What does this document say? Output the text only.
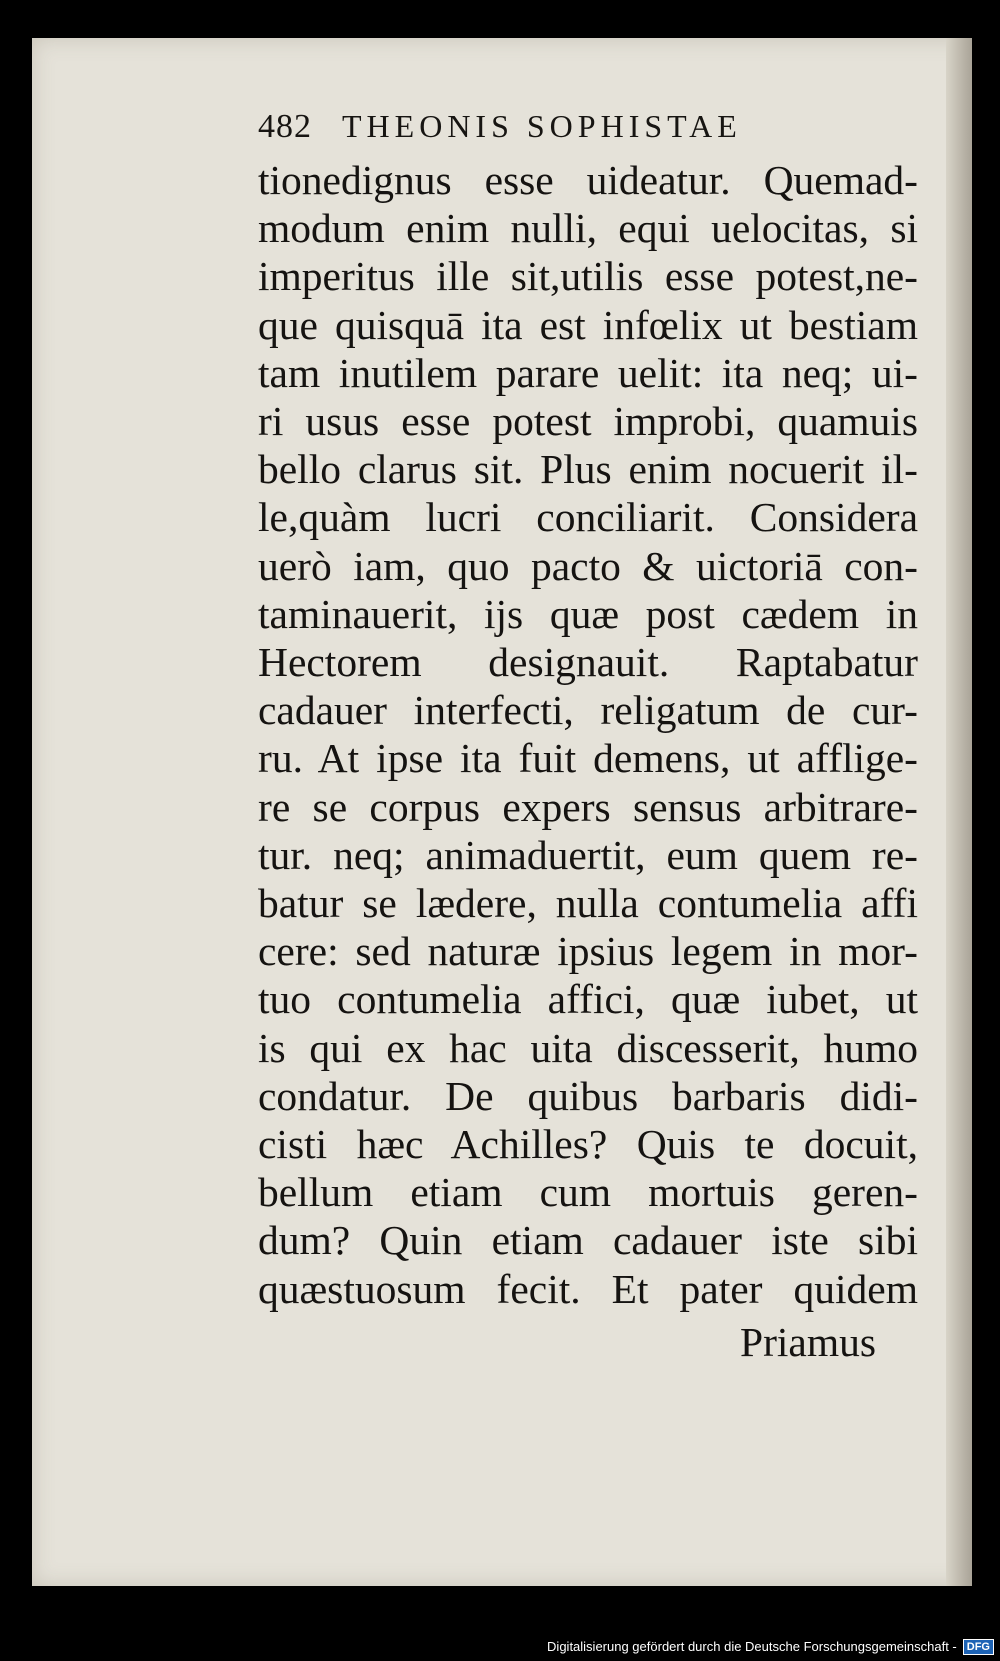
482 THEONIS SOPHISTAE
tionedignus esse uideatur. Quemad-
modum enim nulli, equi uelocitas, si
imperitus ille sit,utilis esse potest,ne-
que quisquā ita est infœlix ut bestiam
tam inutilem parare uelit: ita neq; ui-
ri usus esse potest improbi, quamuis
bello clarus sit. Plus enim nocuerit il-
le,quàm lucri conciliarit. Considera
uerò iam, quo pacto & uictoriā con-
taminauerit, ijs quæ post cædem in
Hectorem designauit. Raptabatur
cadauer interfecti, religatum de cur-
ru. At ipse ita fuit demens, ut afflige-
re se corpus expers sensus arbitrare-
tur. neq; animaduertit, eum quem re-
batur se lædere, nulla contumelia affi
cere: sed naturæ ipsius legem in mor-
tuo contumelia affici, quæ iubet, ut
is qui ex hac uita discesserit, humo
condatur. De quibus barbaris didi-
cisti hæc Achilles? Quis te docuit,
bellum etiam cum mortuis geren-
dum? Quin etiam cadauer iste sibi
quæstuosum fecit. Et pater quidem
Priamus
Digitalisierung gefördert durch die Deutsche Forschungsgemeinschaft - DFG
